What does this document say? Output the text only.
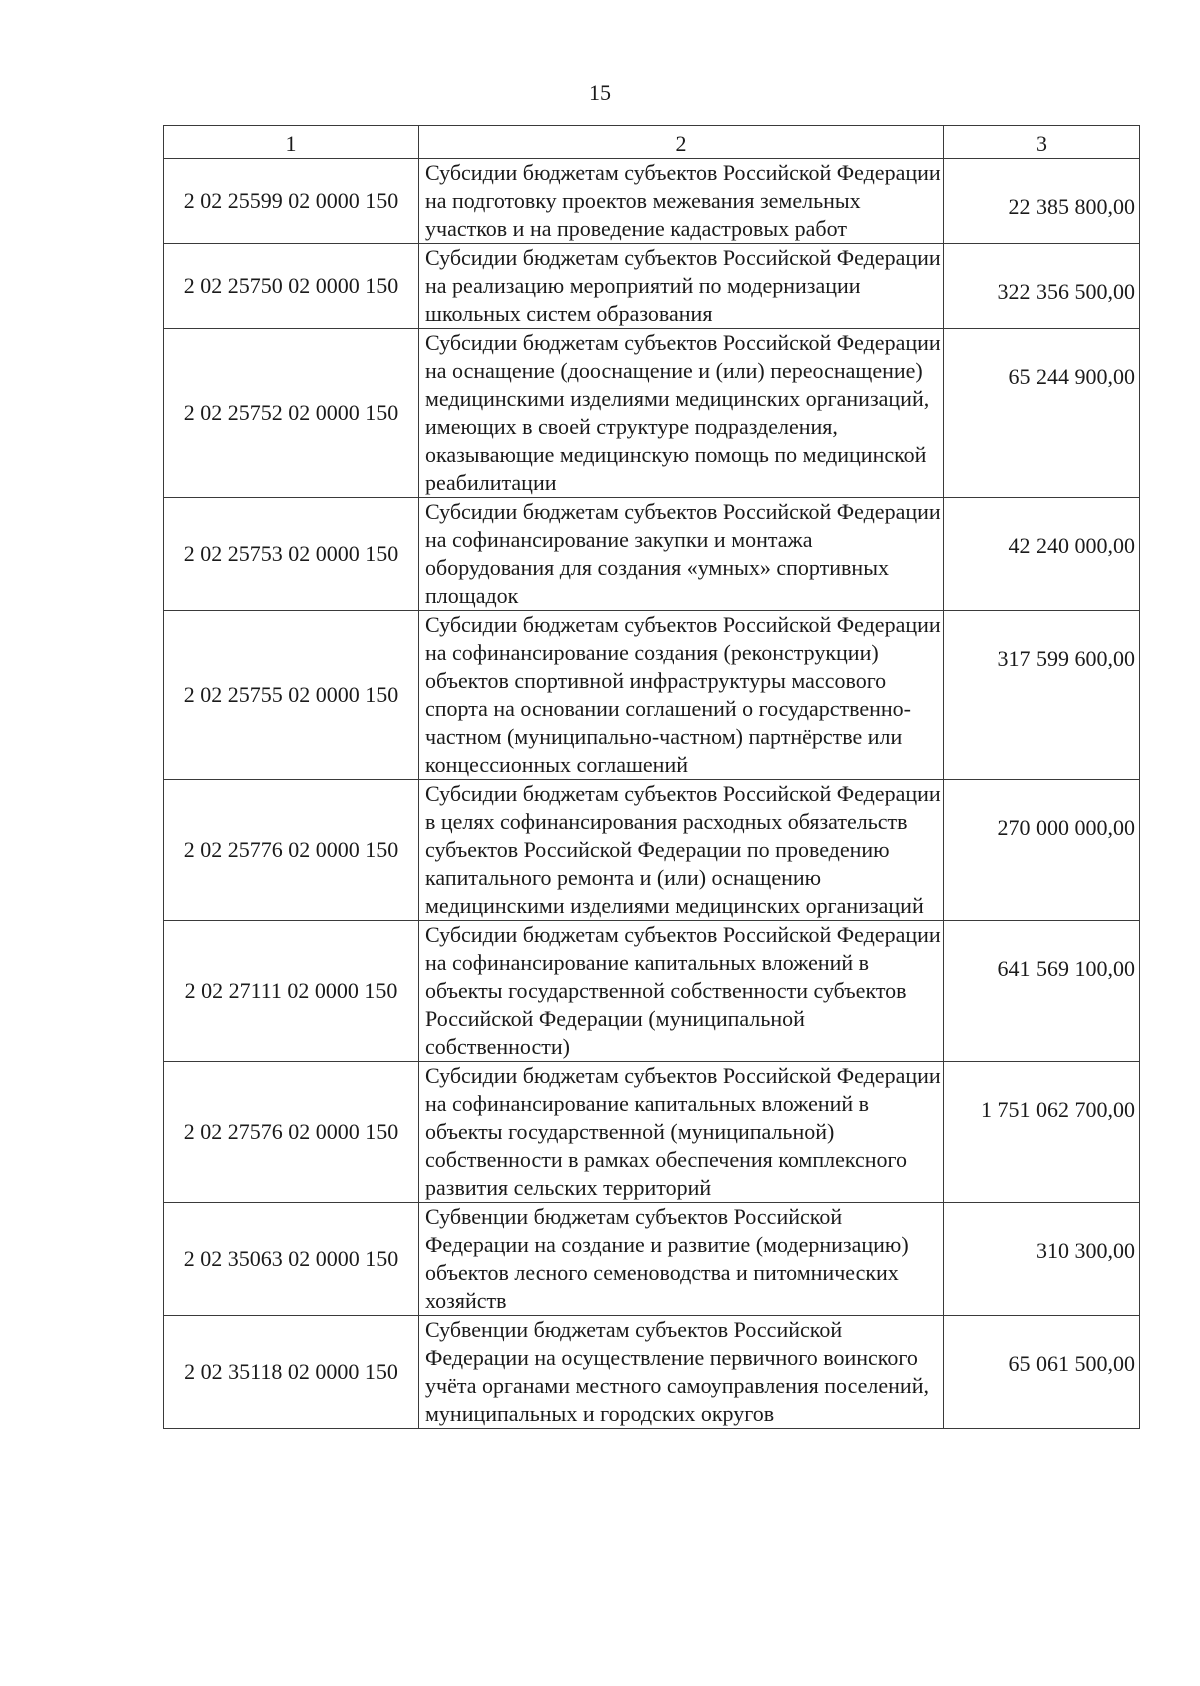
15
1	2	3
2 02 25599 02 0000 150	Субсидии бюджетам субъектов Российской Федерации на подготовку проектов межевания земельных участков и на проведение кадастровых работ	22 385 800,00
2 02 25750 02 0000 150	Субсидии бюджетам субъектов Российской Федерации на реализацию мероприятий по модернизации школьных систем образования	322 356 500,00
2 02 25752 02 0000 150	Субсидии бюджетам субъектов Российской Федерации на оснащение (дооснащение и (или) переоснащение) медицинскими изделиями медицинских организаций, имеющих в своей структуре подразделения, оказывающие медицинскую помощь по медицинской реабилитации	65 244 900,00
2 02 25753 02 0000 150	Субсидии бюджетам субъектов Российской Федерации на софинансирование закупки и монтажа оборудования для создания «умных» спортивных площадок	42 240 000,00
2 02 25755 02 0000 150	Субсидии бюджетам субъектов Российской Федерации на софинансирование создания (реконструкции) объектов спортивной инфраструктуры массового спорта на основании соглашений о государственно-частном (муниципально-частном) партнёрстве или концессионных соглашений	317 599 600,00
2 02 25776 02 0000 150	Субсидии бюджетам субъектов Российской Федерации в целях софинансирования расходных обязательств субъектов Российской Федерации по проведению капитального ремонта и (или) оснащению медицинскими изделиями медицинских организаций	270 000 000,00
2 02 27111 02 0000 150	Субсидии бюджетам субъектов Российской Федерации на софинансирование капитальных вложений в объекты государственной собственности субъектов Российской Федерации (муниципальной собственности)	641 569 100,00
2 02 27576 02 0000 150	Субсидии бюджетам субъектов Российской Федерации на софинансирование капитальных вложений в объекты государственной (муниципальной) собственности в рамках обеспечения комплексного развития сельских территорий	1 751 062 700,00
2 02 35063 02 0000 150	Субвенции бюджетам субъектов Российской Федерации на создание и развитие (модернизацию) объектов лесного семеноводства и питомнических хозяйств	310 300,00
2 02 35118 02 0000 150	Субвенции бюджетам субъектов Российской Федерации на осуществление первичного воинского учёта органами местного самоуправления поселений, муниципальных и городских округов	65 061 500,00
